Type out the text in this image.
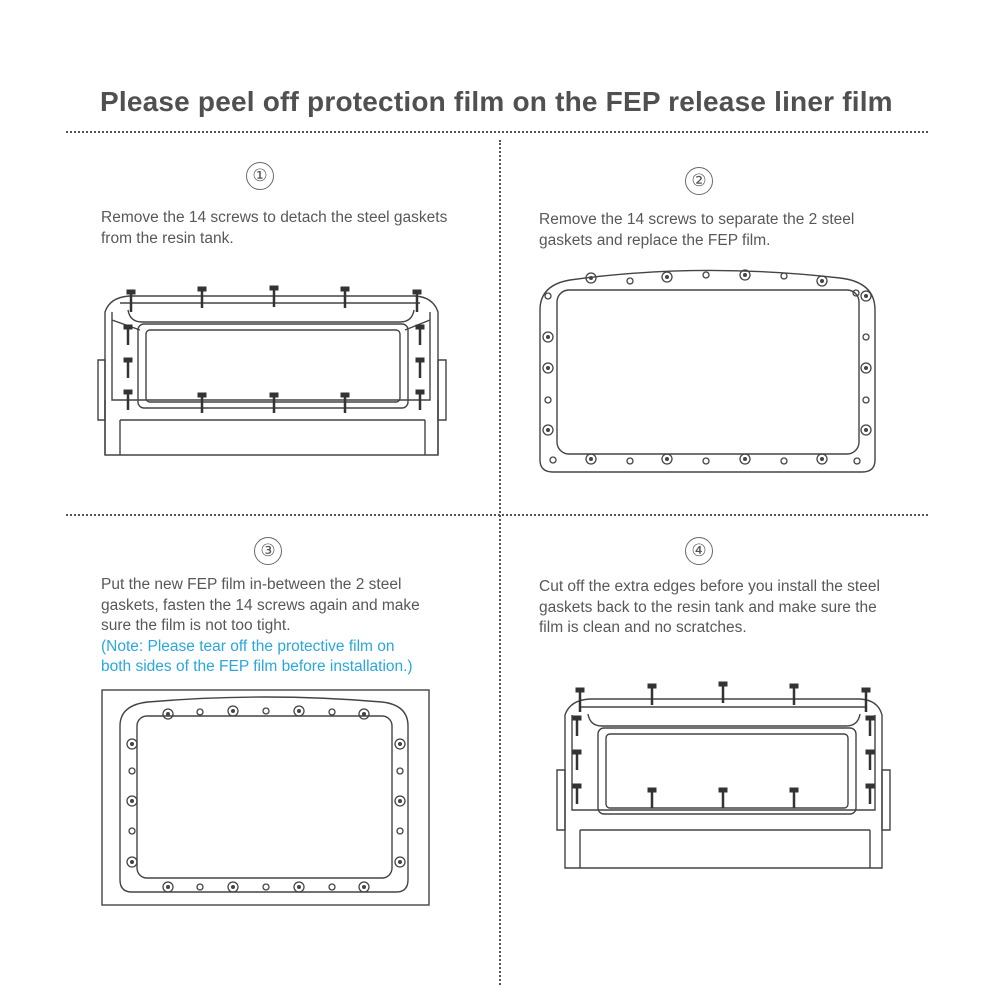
Please peel off protection film on the FEP release liner film
①

Remove the 14 screws to detach the steel gaskets

from the resin tank.

②

Remove the 14 screws to separate the 2 steel

gaskets and replace the FEP film.

③

Put the new FEP film in-between the 2 steel

gaskets, fasten the 14 screws again and make

sure the film is not too tight.

(Note: Please tear off the protective film on

both sides of the FEP film before installation.)

④

Cut off the extra edges before you install the steel

gaskets back to the resin tank and make sure the

film is clean and no scratches.
